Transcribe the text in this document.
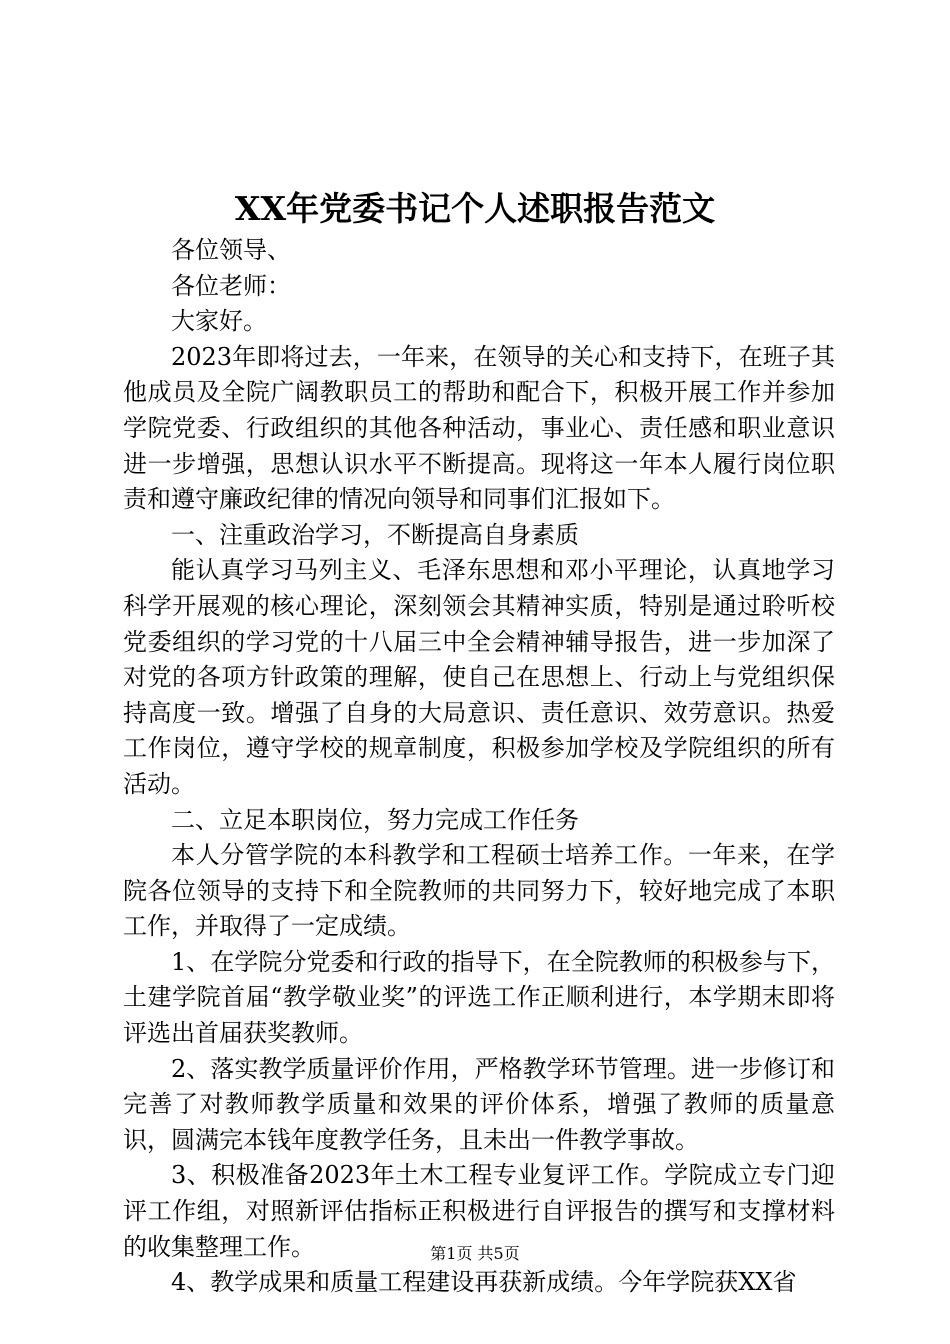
XX年党委书记个人述职报告范文

各位领导、

各位老师：

大家好。

2023年即将过去，一年来，在领导的关心和支持下，在班子其他成员及全院广阔教职员工的帮助和配合下，积极开展工作并参加学院党委、行政组织的其他各种活动，事业心、责任感和职业意识进一步增强，思想认识水平不断提高。现将这一年本人履行岗位职责和遵守廉政纪律的情况向领导和同事们汇报如下。

一、注重政治学习，不断提高自身素质

能认真学习马列主义、毛泽东思想和邓小平理论，认真地学习科学开展观的核心理论，深刻领会其精神实质，特别是通过聆听校党委组织的学习党的十八届三中全会精神辅导报告，进一步加深了对党的各项方针政策的理解，使自己在思想上、行动上与党组织保持高度一致。增强了自身的大局意识、责任意识、效劳意识。热爱工作岗位，遵守学校的规章制度，积极参加学校及学院组织的所有活动。

二、立足本职岗位，努力完成工作任务

本人分管学院的本科教学和工程硕士培养工作。一年来，在学院各位领导的支持下和全院教师的共同努力下，较好地完成了本职工作，并取得了一定成绩。

1、在学院分党委和行政的指导下，在全院教师的积极参与下，土建学院首届“教学敬业奖”的评选工作正顺利进行，本学期末即将评选出首届获奖教师。

2、落实教学质量评价作用，严格教学环节管理。进一步修订和完善了对教师教学质量和效果的评价体系，增强了教师的质量意识，圆满完本钱年度教学任务，且未出一件教学事故。

3、积极准备2023年土木工程专业复评工作。学院成立专门迎评工作组，对照新评估指标正积极进行自评报告的撰写和支撑材料的收集整理工作。

4、教学成果和质量工程建设再获新成绩。今年学院获XX省

第1页 共5页
